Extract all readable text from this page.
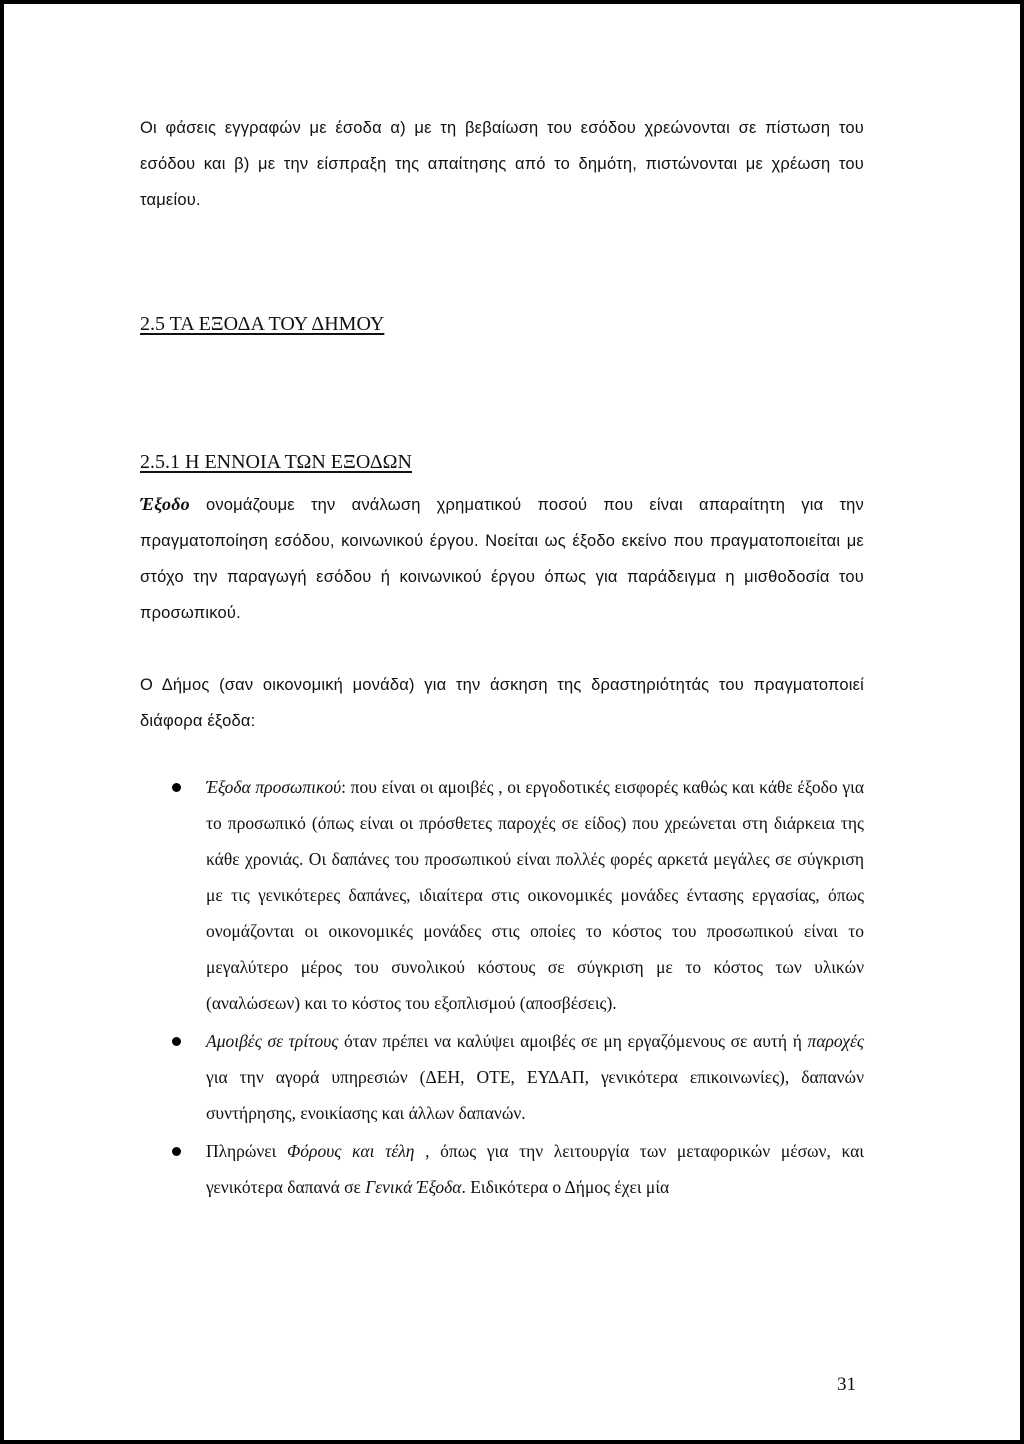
Οι φάσεις εγγραφών με έσοδα α) με τη βεβαίωση του εσόδου χρεώνονται σε πίστωση του εσόδου και β) με την είσπραξη της απαίτησης από το δημότη, πιστώνονται με χρέωση του ταμείου.

2.5 ΤΑ ΕΞΟΔΑ ΤΟΥ ΔΗΜΟΥ
2.5.1 Η ΕΝΝΟΙΑ ΤΩΝ ΕΞΟΔΩΝ

Έξοδο ονομάζουμε την ανάλωση χρηματικού ποσού που είναι απαραίτητη για την πραγματοποίηση εσόδου, κοινωνικού έργου. Νοείται ως έξοδο εκείνο που πραγματοποιείται με στόχο την παραγωγή εσόδου ή κοινωνικού έργου όπως για παράδειγμα η μισθοδοσία του προσωπικού.

Ο Δήμος (σαν οικονομική μονάδα) για την άσκηση της δραστηριότητάς του πραγματοποιεί διάφορα έξοδα:

Έξοδα προσωπικού: που είναι οι αμοιβές , οι εργοδοτικές εισφορές καθώς και κάθε έξοδο για το προσωπικό (όπως είναι οι πρόσθετες παροχές σε είδος) που χρεώνεται στη διάρκεια της κάθε χρονιάς. Οι δαπάνες του προσωπικού είναι πολλές φορές αρκετά μεγάλες σε σύγκριση με τις γενικότερες δαπάνες, ιδιαίτερα στις οικονομικές μονάδες έντασης εργασίας, όπως ονομάζονται οι οικονομικές μονάδες στις οποίες το κόστος του προσωπικού είναι το μεγαλύτερο μέρος του συνολικού κόστους σε σύγκριση με το κόστος των υλικών (αναλώσεων) και το κόστος του εξοπλισμού (αποσβέσεις).
Αμοιβές σε τρίτους όταν πρέπει να καλύψει αμοιβές σε μη εργαζόμενους σε αυτή ή παροχές για την αγορά υπηρεσιών (ΔΕΗ, ΟΤΕ, ΕΥΔΑΠ, γενικότερα επικοινωνίες), δαπανών συντήρησης, ενοικίασης και άλλων δαπανών.
Πληρώνει Φόρους και τέλη , όπως για την λειτουργία των μεταφορικών μέσων, και γενικότερα δαπανά σε Γενικά Έξοδα. Ειδικότερα ο Δήμος έχει μία
31
